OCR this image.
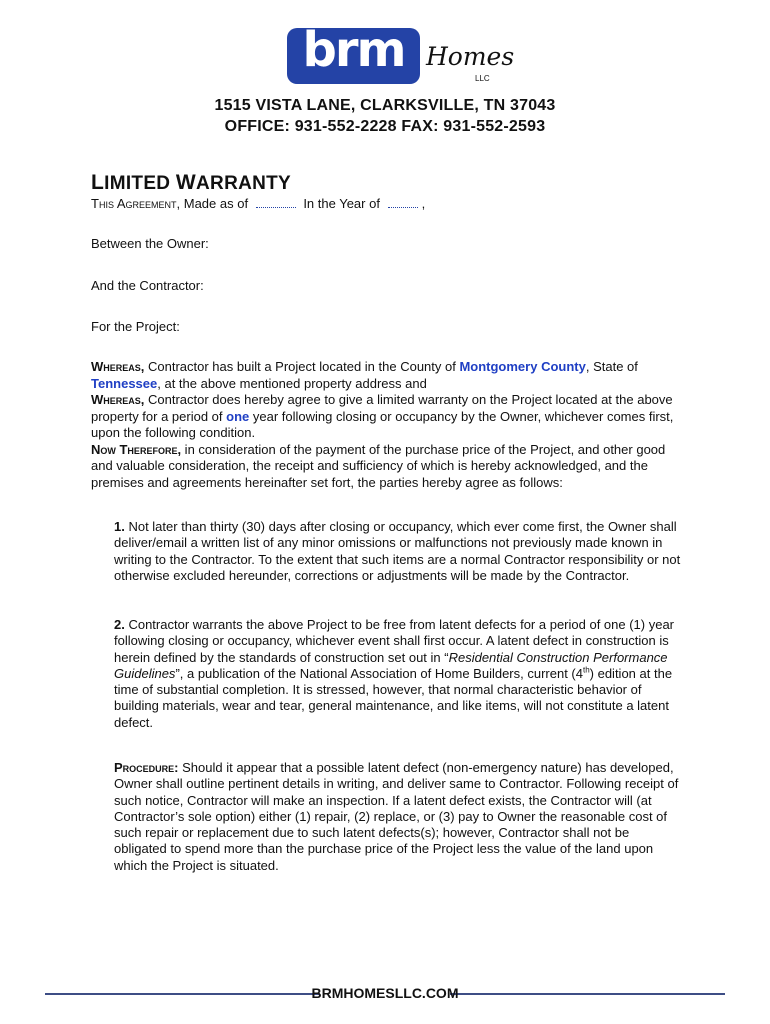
brm Homes
LLC
1515 VISTA LANE, CLARKSVILLE, TN 37043
OFFICE: 931-552-2228 FAX: 931-552-2593
LIMITED WARRANTY
This Agreement, Made as of	In the Year of	,
Between the Owner:
And the Contractor:
For the Project:
Whereas, Contractor has built a Project located in the County of Montgomery County, State of Tennessee, at the above mentioned property address and
Whereas, Contractor does hereby agree to give a limited warranty on the Project located at the above property for a period of one year following closing or occupancy by the Owner, whichever comes first, upon the following condition.
Now Therefore, in consideration of the payment of the purchase price of the Project, and other good and valuable consideration, the receipt and sufficiency of which is hereby acknowledged, and the premises and agreements hereinafter set fort, the parties hereby agree as follows:
1. Not later than thirty (30) days after closing or occupancy, which ever come first, the Owner shall deliver/email a written list of any minor omissions or malfunctions not previously made known in writing to the Contractor. To the extent that such items are a normal Contractor responsibility or not otherwise excluded hereunder, corrections or adjustments will be made by the Contractor.
2. Contractor warrants the above Project to be free from latent defects for a period of one (1) year following closing or occupancy, whichever event shall first occur. A latent defect in construction is herein defined by the standards of construction set out in “Residential Construction Performance Guidelines”, a publication of the National Association of Home Builders, current (4th) edition at the time of substantial completion. It is stressed, however, that normal characteristic behavior of building materials, wear and tear, general maintenance, and like items, will not constitute a latent defect.
Procedure: Should it appear that a possible latent defect (non-emergency nature) has developed, Owner shall outline pertinent details in writing, and deliver same to Contractor. Following receipt of such notice, Contractor will make an inspection. If a latent defect exists, the Contractor will (at Contractor’s sole option) either (1) repair, (2) replace, or (3) pay to Owner the reasonable cost of such repair or replacement due to such latent defects(s); however, Contractor shall not be obligated to spend more than the purchase price of the Project less the value of the land upon which the Project is situated.
BRMHOMESLLC.COM
